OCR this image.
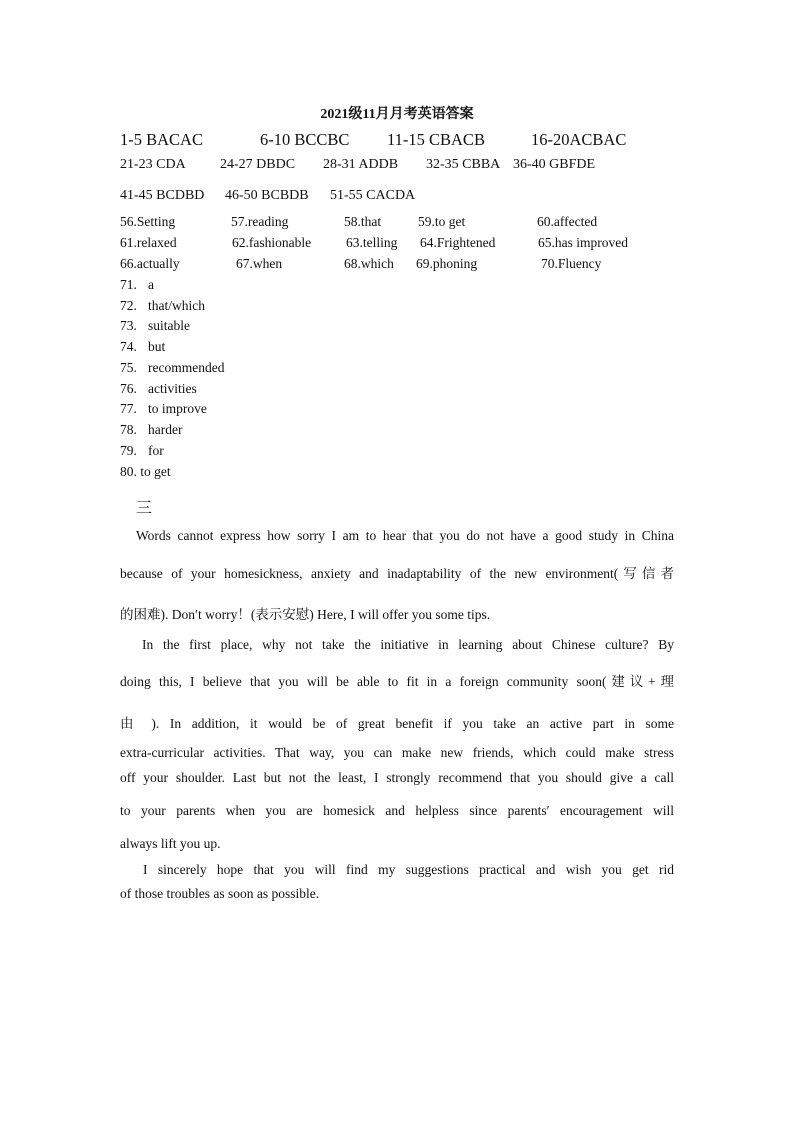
2021级11月月考英语答案
1-5 BACAC	6-10 BCCBC 11-15 CBACB	16-20ACBAC
21-23 CDA 24-27 DBDC 28-31 ADDB 32-35 CBBA 36-40 GBFDE
41-45 BCDBD 46-50 BCBDB 51-55 CACDA
56.Setting	57.reading	58.that	59.to get	60.affected
61.relaxed	62.fashionable	63.telling 64.Frightened	65.has improved
66.actually	67.when	68.which 69.phoning	70.Fluency
71. a
72. that/which
73. suitable
74. but
75. recommended
76. activities
77. to improve
78. harder
79. for
80. to get
三
Words cannot express how sorry I am to hear that you do not have a good study in China
because of your homesickness, anxiety and inadaptability of the new environment(写信者
的困难). Don′t worry！(表示安慰) Here, I will offer you some tips.
In the first place, why not take the initiative in learning about Chinese culture? By
doing this, I believe that you will be able to fit in a foreign community soon(建议+理
由 ). In addition, it would be of great benefit if you take an active part in some
extra-curricular activities. That way, you can make new friends, which could make stress
off your shoulder. Last but not the least, I strongly recommend that you should give a call
to your parents when you are homesick and helpless since parents′ encouragement will
always lift you up.
I sincerely hope that you will find my suggestions practical and wish you get rid
of those troubles as soon as possible.
